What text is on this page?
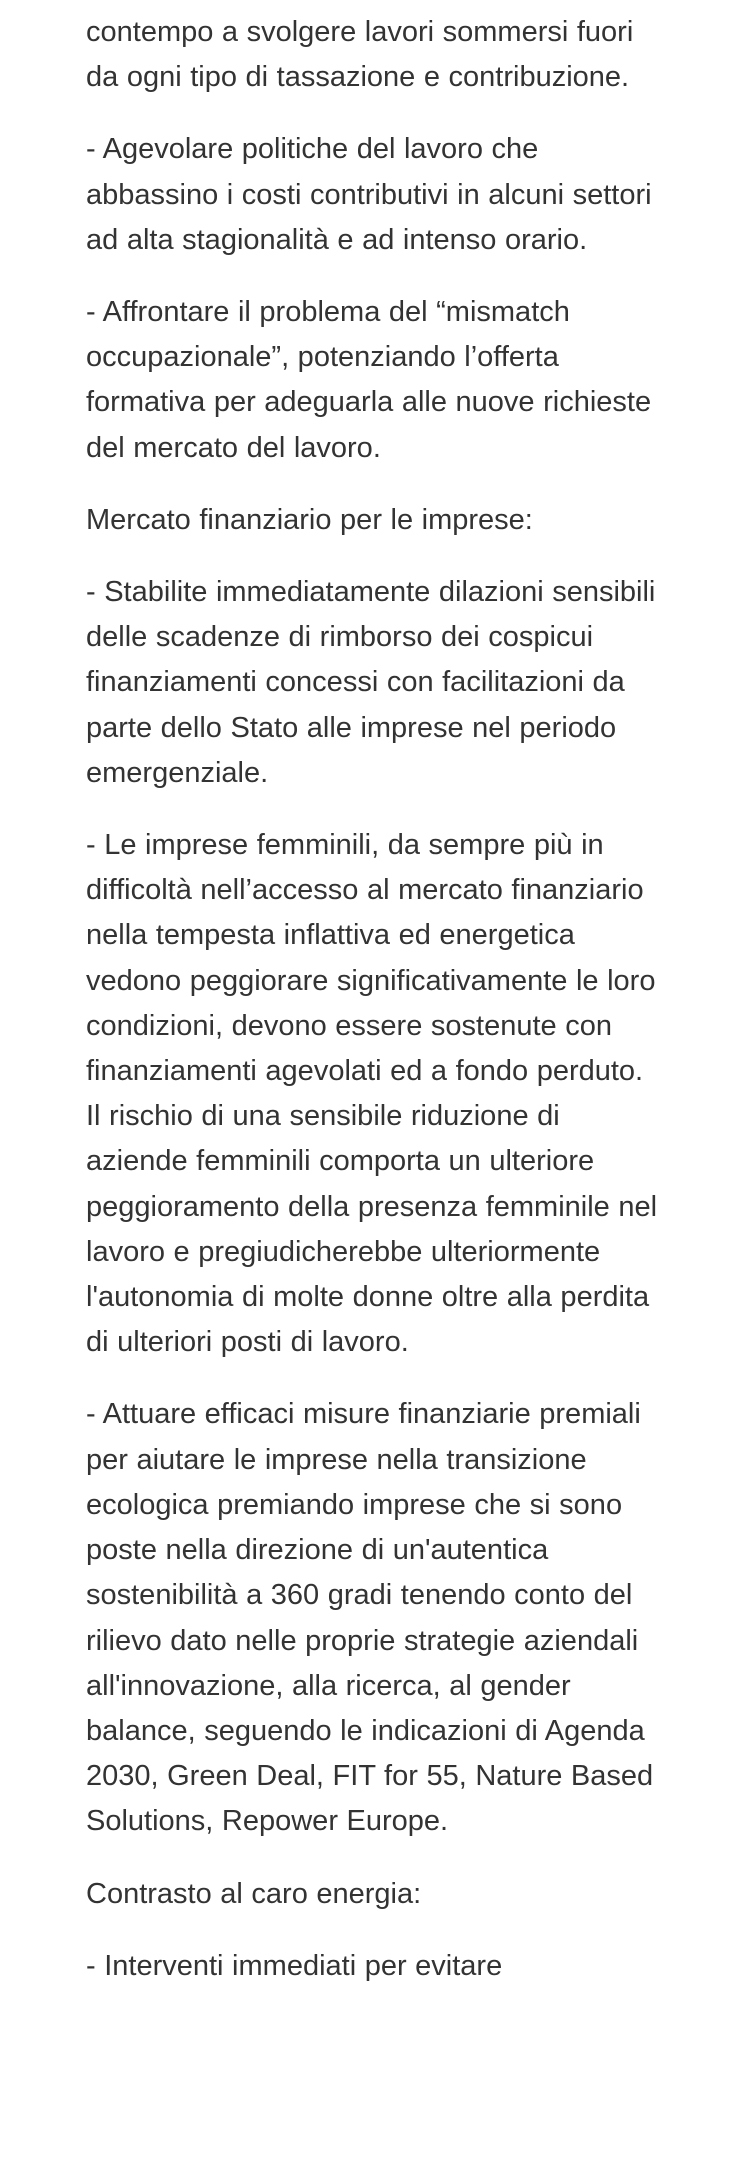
contempo a svolgere lavori sommersi fuori da ogni tipo di tassazione e contribuzione.

- Agevolare politiche del lavoro che abbassino i costi contributivi in alcuni settori ad alta stagionalità e ad intenso orario.

- Affrontare il problema del “mismatch occupazionale”, potenziando l’offerta formativa per adeguarla alle nuove richieste del mercato del lavoro.

Mercato finanziario per le imprese:

- Stabilite immediatamente dilazioni sensibili delle scadenze di rimborso dei cospicui finanziamenti concessi con facilitazioni da parte dello Stato alle imprese nel periodo emergenziale.

- Le imprese femminili, da sempre più in difficoltà nell’accesso al mercato finanziario nella tempesta inflattiva ed energetica vedono peggiorare significativamente le loro condizioni, devono essere sostenute con finanziamenti agevolati ed a fondo perduto. Il rischio di una sensibile riduzione di aziende femminili comporta un ulteriore peggioramento della presenza femminile nel lavoro e pregiudicherebbe ulteriormente l'autonomia di molte donne oltre alla perdita di ulteriori posti di lavoro.

- Attuare efficaci misure finanziarie premiali per aiutare le imprese nella transizione ecologica premiando imprese che si sono poste nella direzione di un'autentica sostenibilità a 360 gradi tenendo conto del rilievo dato nelle proprie strategie aziendali all'innovazione, alla ricerca, al gender balance, seguendo le indicazioni di Agenda 2030, Green Deal, FIT for 55, Nature Based Solutions, Repower Europe.

Contrasto al caro energia:

- Interventi immediati per evitare
